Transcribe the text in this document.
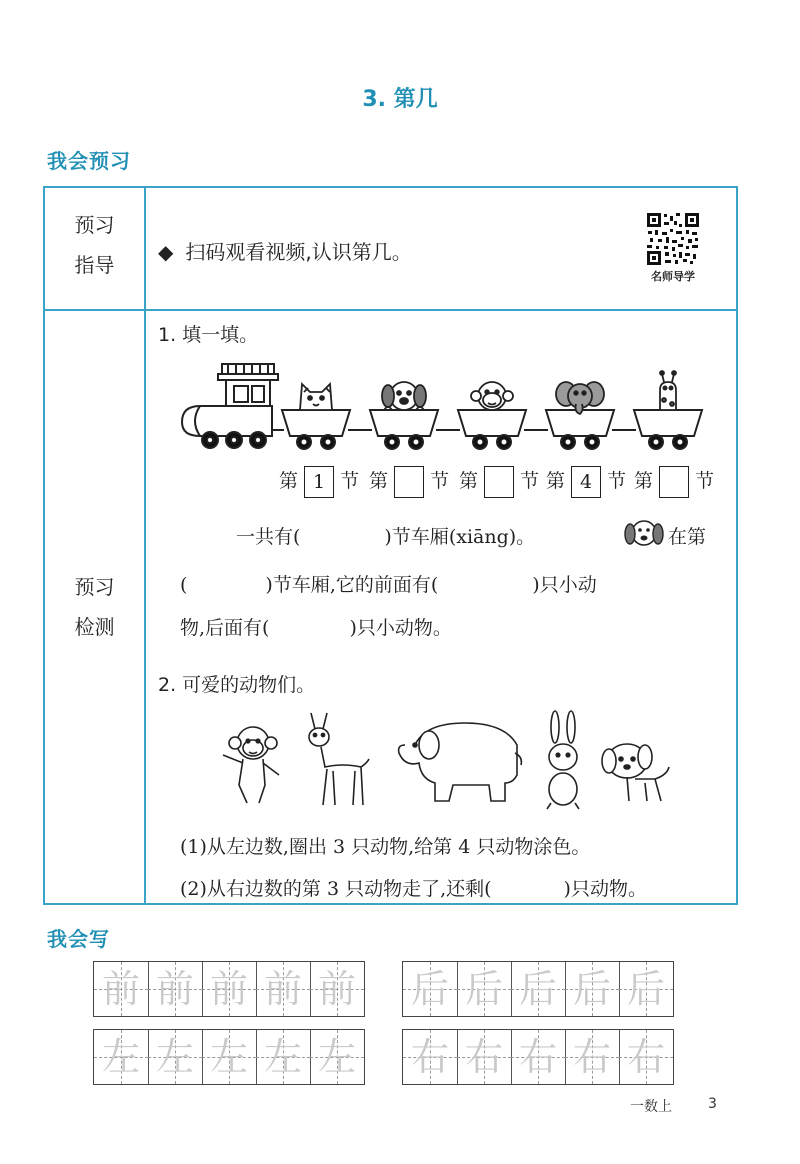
3. 第几
我会预习
预习
指导
◆ 扫码观看视频,认识第几。
名师导学
预习
检测
1. 填一填。
第 1 节 第 节 第 节 第 4 节 第 节
一共有(	)节车厢(xiāng)。	在第
(	)节车厢,它的前面有(	)只小动
物,后面有(	)只小动物。
2. 可爱的动物们。
(1)从左边数,圈出 3 只动物,给第 4 只动物涂色。
(2)从右边数的第 3 只动物走了,还剩(	)只动物。
我会写
前 前 前 前 前 后 后 后 后 后
左 左 左 左 左 右 右 右 右 右
一数上	3
